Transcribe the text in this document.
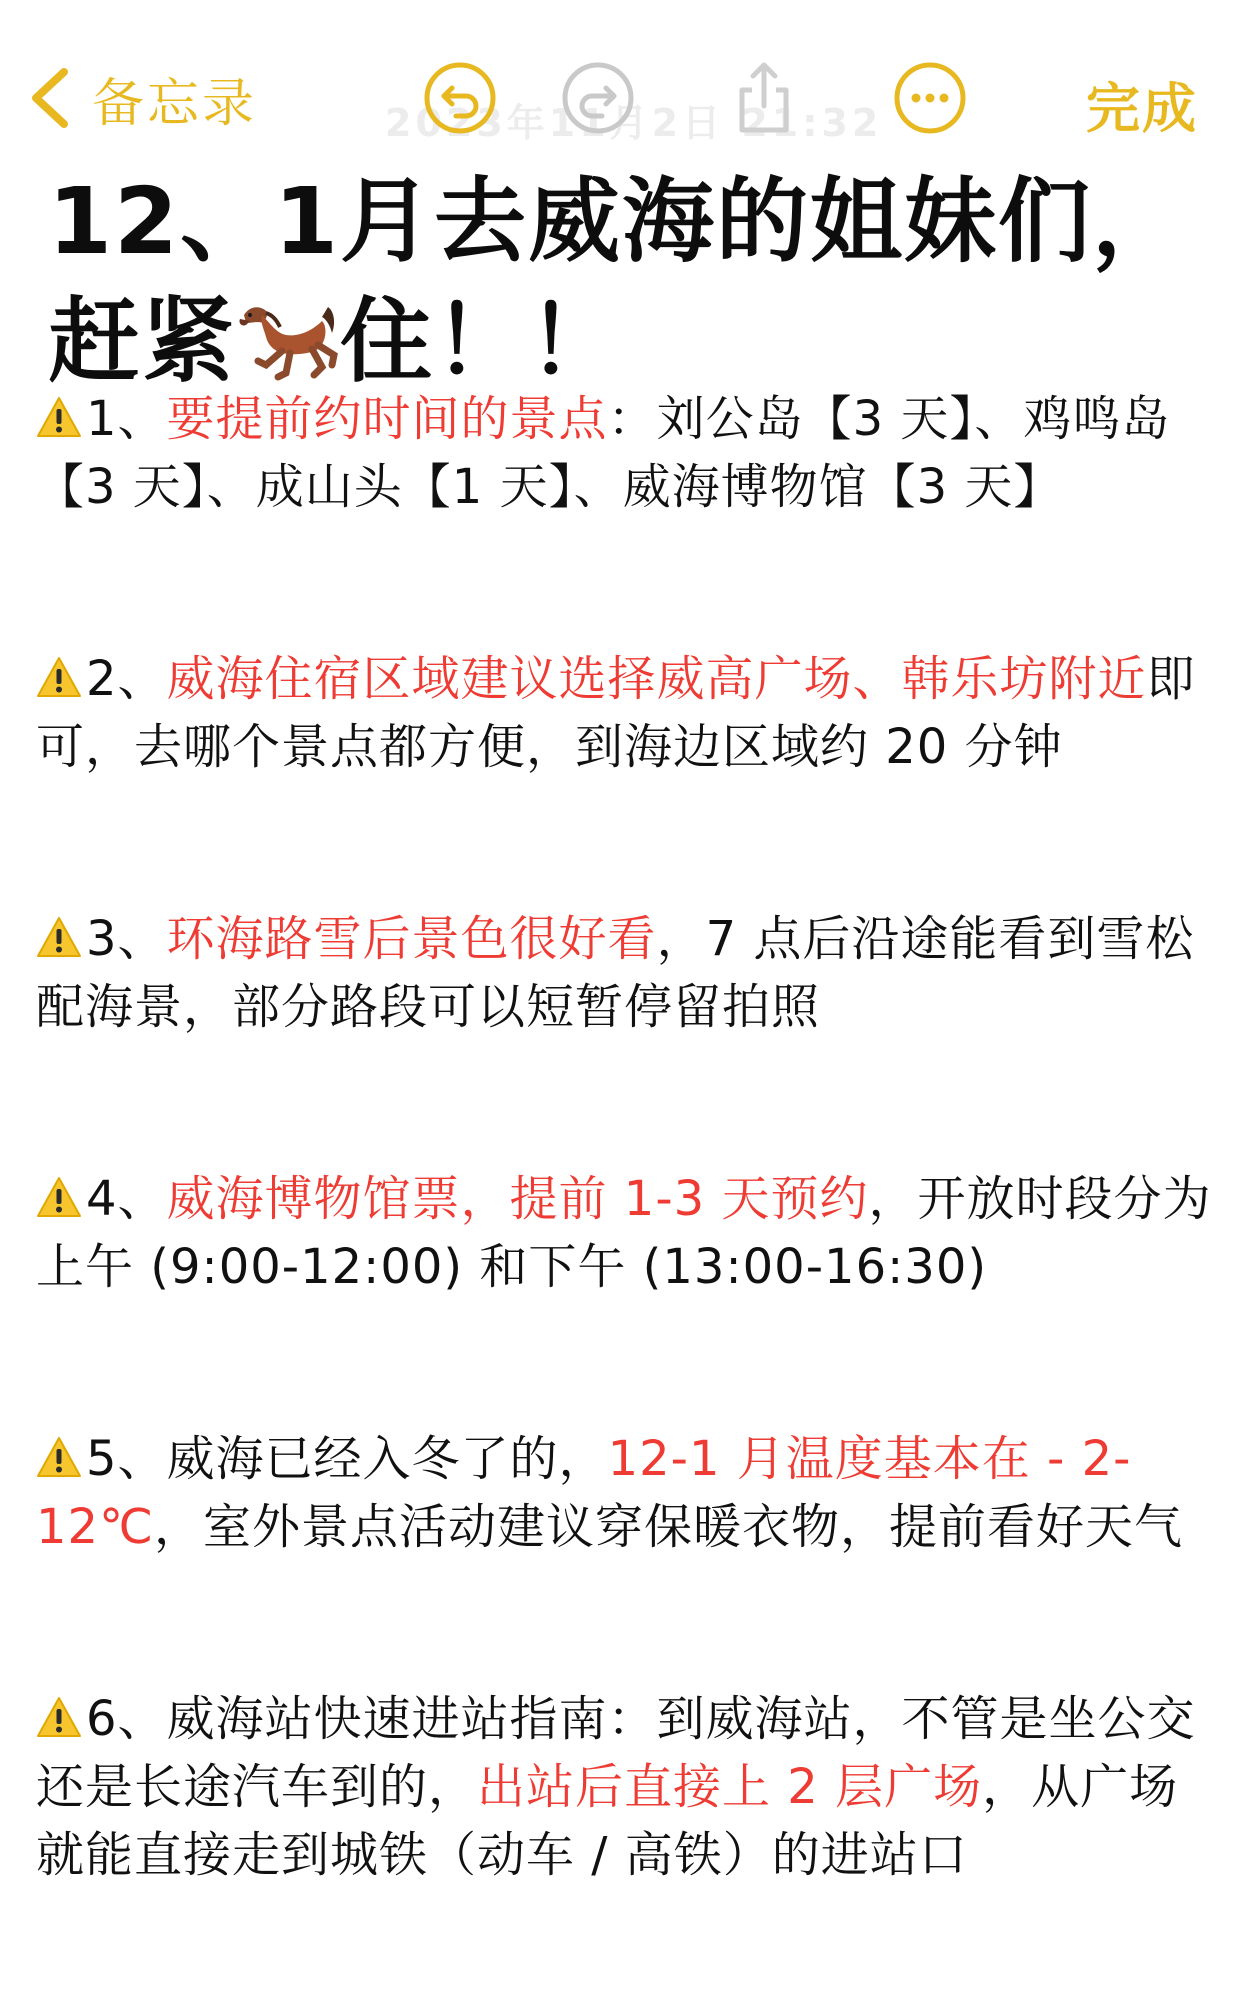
备忘录	2023年11月2日 21:32	完成
12、1月去威海的姐妹们，
赶紧 住！！

1、要提前约时间的景点：刘公岛【3 天】、鸡鸣岛【3 天】、成山头【1 天】、威海博物馆【3 天】

2、威海住宿区域建议选择威高广场、韩乐坊附近即可，去哪个景点都方便，到海边区域约 20 分钟

3、环海路雪后景色很好看，7 点后沿途能看到雪松配海景，部分路段可以短暂停留拍照

4、威海博物馆票，提前 1-3 天预约，开放时段分为上午 (9:00-12:00) 和下午 (13:00-16:30)

5、威海已经入冬了的，12-1 月温度基本在 - 2-12℃，室外景点活动建议穿保暖衣物，提前看好天气

6、威海站快速进站指南：到威海站，不管是坐公交还是长途汽车到的，出站后直接上 2 层广场，从广场就能直接走到城铁（动车 / 高铁）的进站口
